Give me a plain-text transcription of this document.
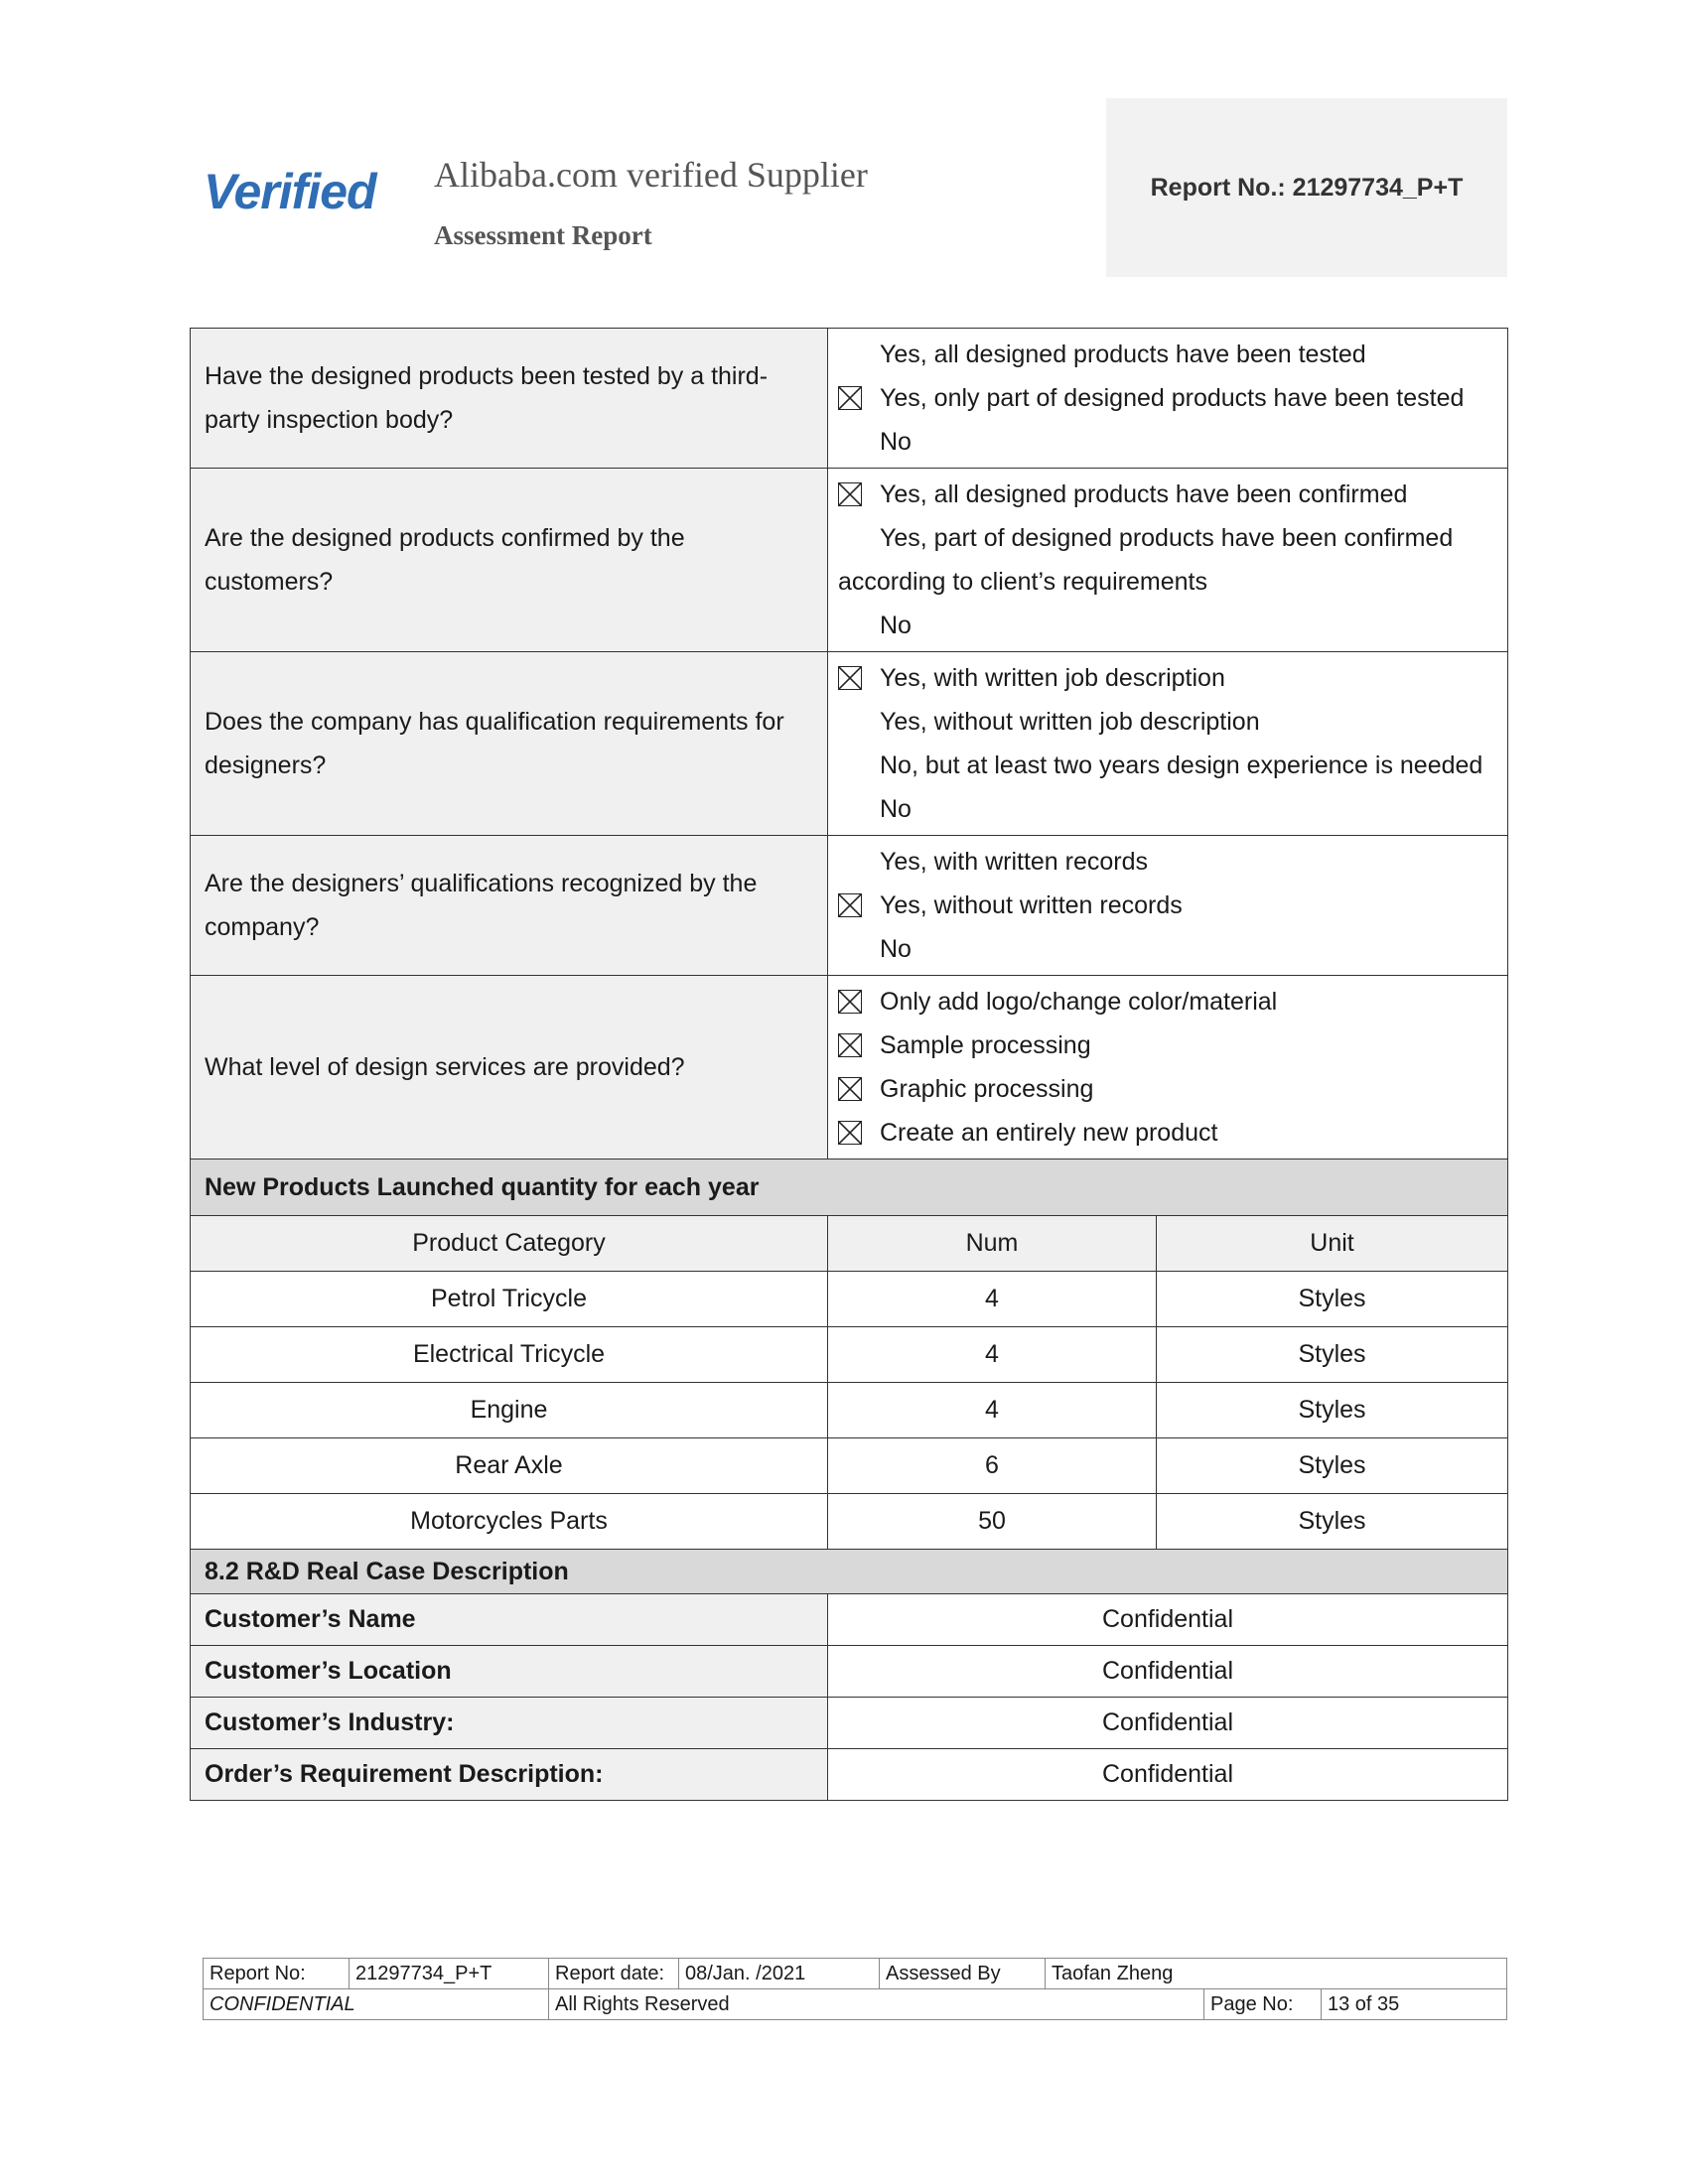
Verified Alibaba.com verified Supplier
Assessment Report
Report No.: 21297734_P+T
Have the designed products been tested by a third-party inspection body?	Yes, all designed products have been tested
Yes, only part of designed products have been tested
No	

Are the designed products confirmed by the customers?	Yes, all designed products have been confirmed
Yes, part of designed products have been confirmed according to client’s requirements
No	

Does the company has qualification requirements for designers?	Yes, with written job description
Yes, without written job description
No, but at least two years design experience is needed
No	

Are the designers’ qualifications recognized by the company?	Yes, with written records
Yes, without written records
No	

What level of design services are provided?	Only add logo/change color/material
Sample processing
Graphic processing
Create an entirely new product	

New Products Launched quantity for each year		
Product Category	Num	Unit
Petrol Tricycle	4	Styles
Electrical Tricycle	4	Styles
Engine	4	Styles
Rear Axle	6	Styles
Motorcycles Parts	50	Styles
8.2 R&D Real Case Description		
Customer’s Name	Confidential	
Customer’s Location	Confidential	
Customer’s Industry:	Confidential	
Order’s Requirement Description:	Confidential	
Report No:	21297734_P+T	Report date:	08/Jan. /2021	Assessed By	Taofan Zheng		
CONFIDENTIAL		All Rights Reserved				Page No:	13 of 35
